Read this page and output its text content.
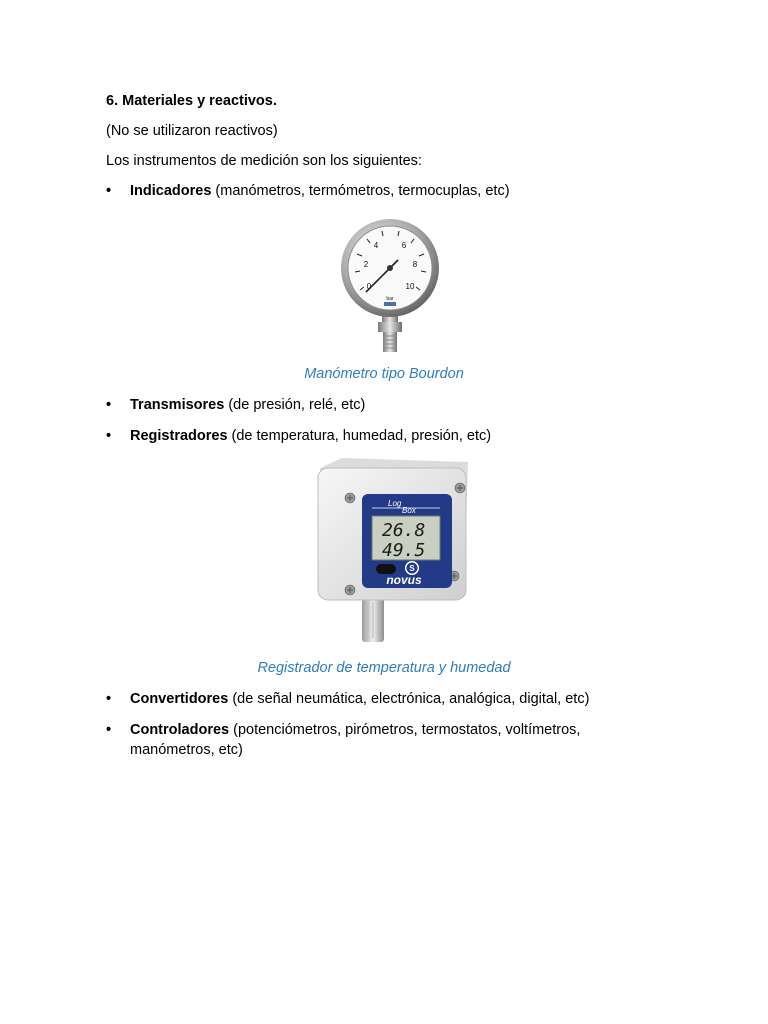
6. Materiales y reactivos.
(No se utilizaron reactivos)
Los instrumentos de medición son los siguientes:
•	Indicadores (manómetros, termómetros, termocuplas, etc)
0
2
4	6
8
10
bar
Manómetro tipo Bourdon
•	Transmisores (de presión, relé, etc)
•	Registradores (de temperatura, humedad, presión, etc)
Log
Box
26.8
49.5
S
novus
Registrador de temperatura y humedad
•	Convertidores (de señal neumática, electrónica, analógica, digital, etc)
•	Controladores (potenciómetros, pirómetros, termostatos, voltímetros,
manómetros, etc)
